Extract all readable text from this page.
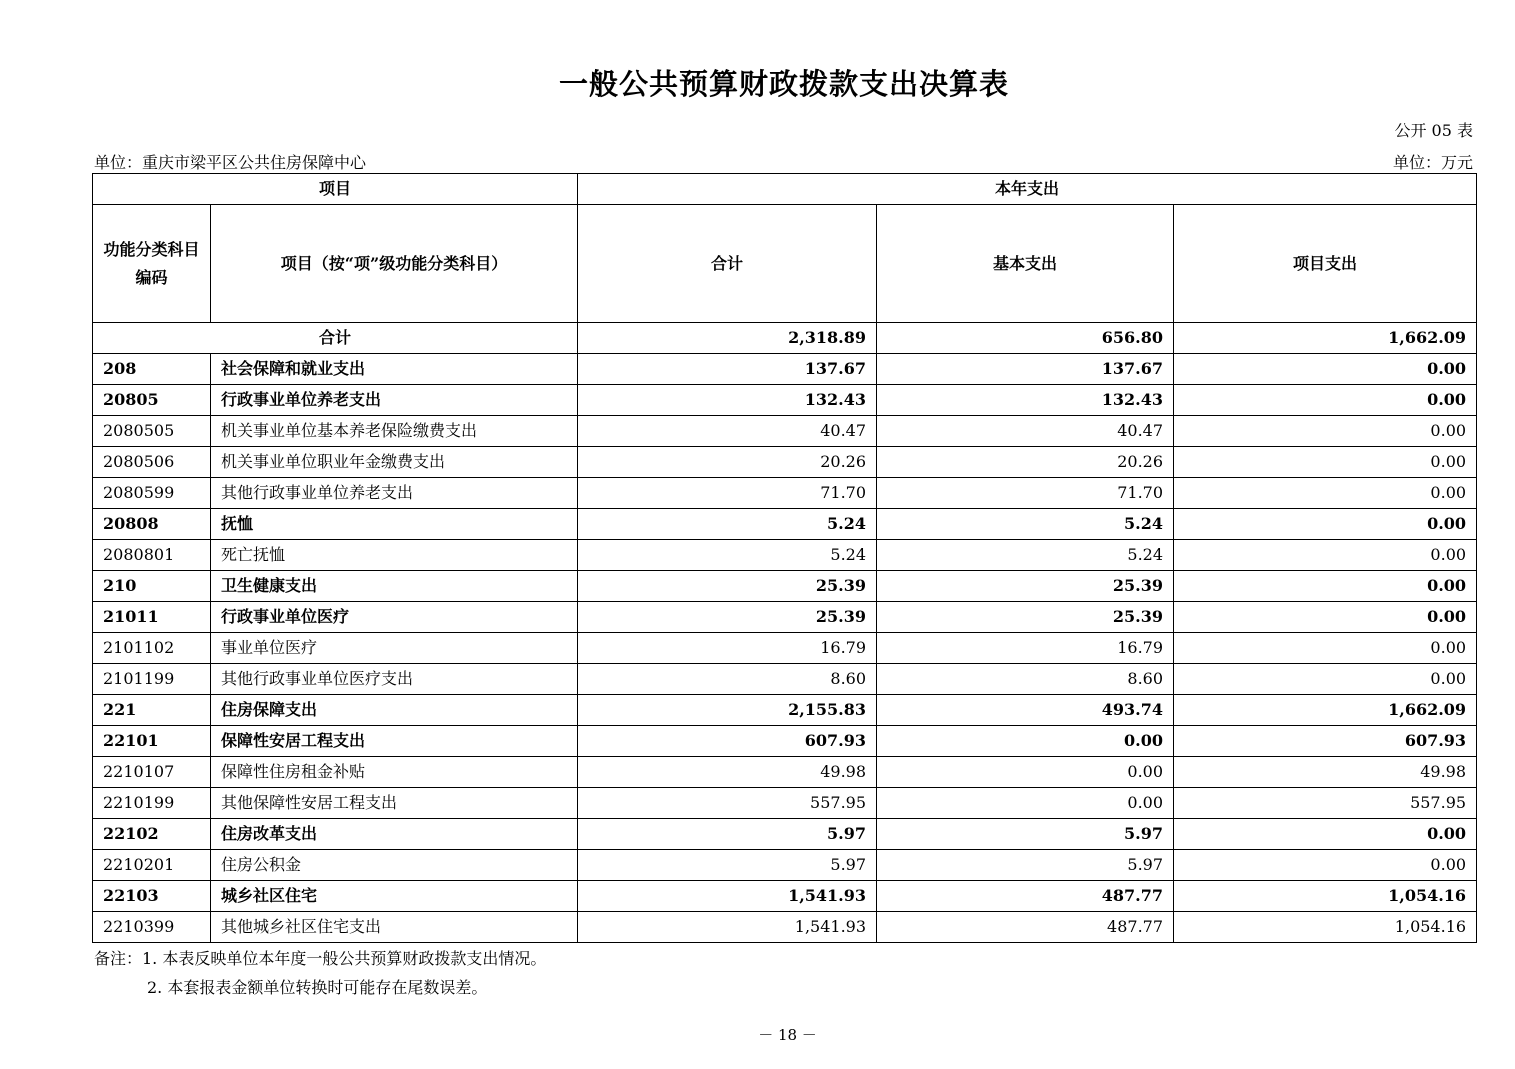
一般公共预算财政拨款支出决算表
公开 05 表
单位：重庆市梁平区公共住房保障中心	单位：万元
项目		本年支出		
功能分类科目编码	项目（按“项”级功能分类科目）	合计	基本支出	项目支出
合计		2,318.89	656.80	1,662.09
208	社会保障和就业支出	137.67	137.67	0.00
20805	行政事业单位养老支出	132.43	132.43	0.00
2080505	机关事业单位基本养老保险缴费支出	40.47	40.47	0.00
2080506	机关事业单位职业年金缴费支出	20.26	20.26	0.00
2080599	其他行政事业单位养老支出	71.70	71.70	0.00
20808	抚恤	5.24	5.24	0.00
2080801	死亡抚恤	5.24	5.24	0.00
210	卫生健康支出	25.39	25.39	0.00
21011	行政事业单位医疗	25.39	25.39	0.00
2101102	事业单位医疗	16.79	16.79	0.00
2101199	其他行政事业单位医疗支出	8.60	8.60	0.00
221	住房保障支出	2,155.83	493.74	1,662.09
22101	保障性安居工程支出	607.93	0.00	607.93
2210107	保障性住房租金补贴	49.98	0.00	49.98
2210199	其他保障性安居工程支出	557.95	0.00	557.95
22102	住房改革支出	5.97	5.97	0.00
2210201	住房公积金	5.97	5.97	0.00
22103	城乡社区住宅	1,541.93	487.77	1,054.16
2210399	其他城乡社区住宅支出	1,541.93	487.77	1,054.16
备注：1. 本表反映单位本年度一般公共预算财政拨款支出情况。
2. 本套报表金额单位转换时可能存在尾数误差。
－ 18 －
